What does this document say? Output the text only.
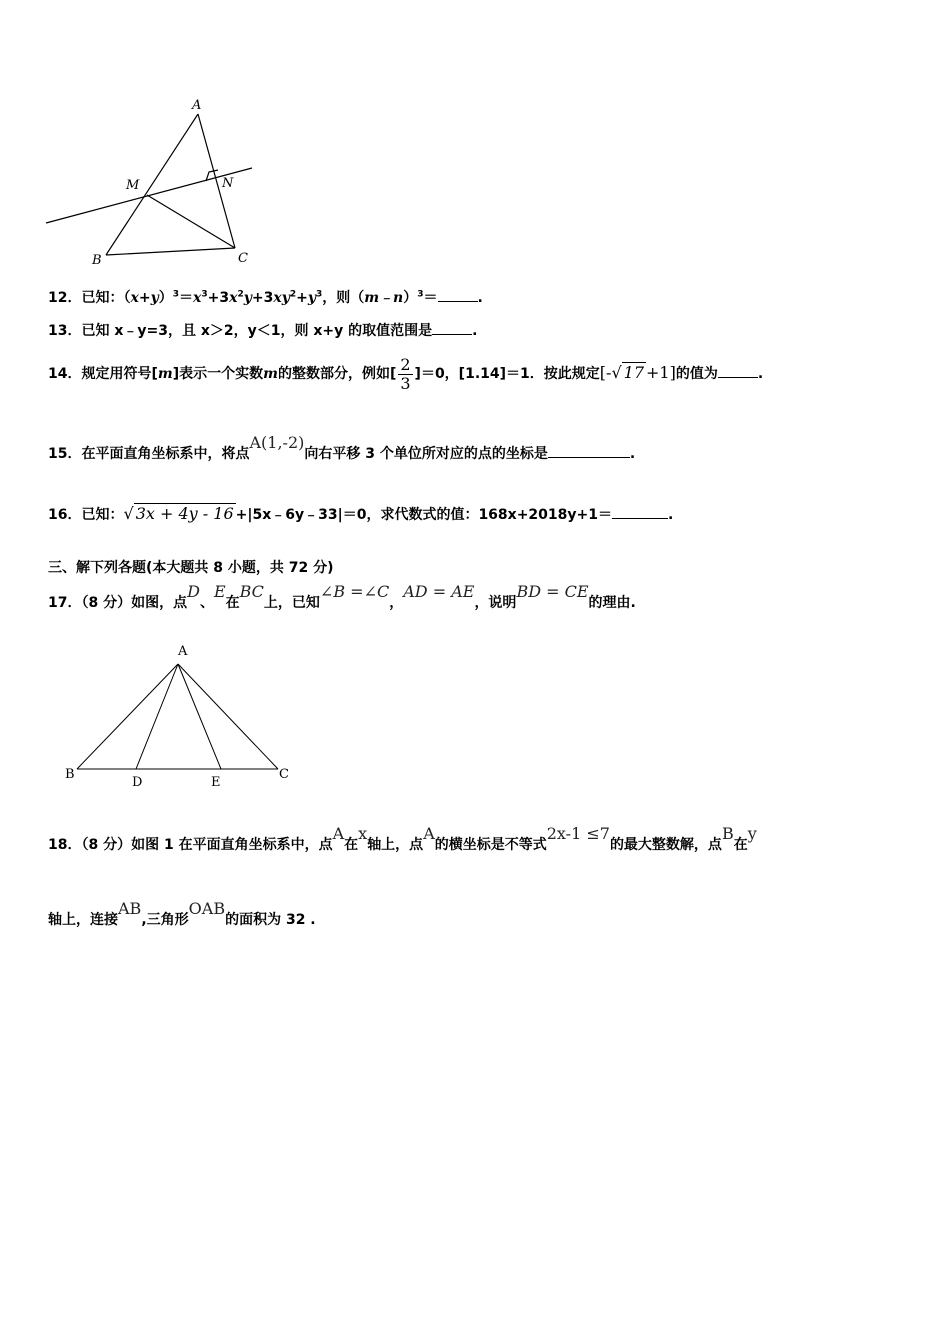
A
M	N
B	C
12．已知：$(x+y)^3=x^3+3x^2y+3xy^2+y^3$，则（m﹣n）$^3$＝	.
13．已知 x﹣y=3，且 x＞2，y＜1，则 x+y 的取值范围是	.
14．规定用符号[m]表示一个实数m的整数部分，例如[ $\frac{2}{3} ]=0$，[1.14]＝1．按此规定[-√ 17 +1]的值为	.
15．在平面直角坐标系中，将点A(1,-2)向右平移 3 个单位所对应的点的坐标是	.
16．已知：√ 3x + 4y - 16 +|5x﹣6y﹣33|＝0，求代数式的值：168x+2018y+1＝	.
三、解下列各题(本大题共 8 小题，共 72 分)
17．（8 分）如图，点D、E在BC上，已知∠B =∠C，AD = AE，说明BD = CE的理由.
A
B
D	E
C
18．（8 分）如图 1 在平面直角坐标系中，点A在x轴上，点A的横坐标是不等式2x-1 ≤7的最大整数解，点B在y
轴上，连接AB,三角形OAB的面积为 32 .
